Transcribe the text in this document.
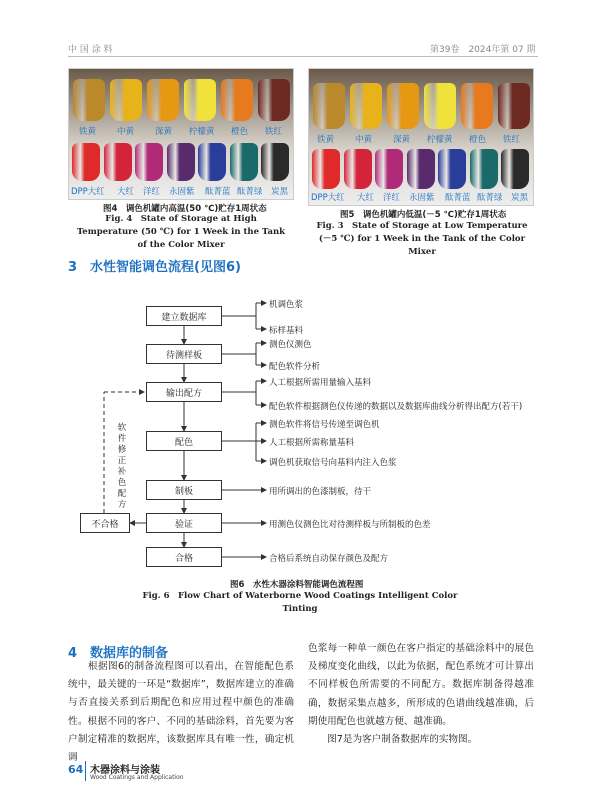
中 国 涂 料	第39卷　2024年第 07 期
铁黄 中黄 深黄 柠檬黄 橙色 铁红
DPP大红 大红 洋红 永固紫 酞菁蓝 酞菁绿 炭黑
图4　调色机罐内高温(50 ℃)贮存1周状态
Fig. 4　State of Storage at High Temperature (50 ℃) for 1 Week in the Tank of the Color Mixer
铁黄 中黄 深黄 柠檬黄 橙色 铁红
DPP大红 大红 洋红 永固紫 酞菁蓝 酞菁绿 炭黑
图5　调色机罐内低温(－5 ℃)贮存1周状态
Fig. 3　State of Storage at Low Temperature (－5 ℃) for 1 Week in the Tank of the Color Mixer
3　水性智能调色流程(见图6)
建立数据库
待测样板
输出配方
配色
制板
验证
合格
不合格
软件修正补色配方
机调色浆
标样基料
测色仪测色
配色软件分析
人工根据所需用量输入基料
配色软件根据测色仪传递的数据以及数据库曲线分析得出配方(若干)
测色软件将信号传递至调色机
人工根据所需称量基料
调色机获取信号向基料内注入色浆
用所调出的色漆制板，待干
用测色仪测色比对待测样板与所制板的色差
合格后系统自动保存颜色及配方
图6　水性木器涂料智能调色流程图
Fig. 6　Flow Chart of Waterborne Wood Coatings Intelligent Color Tinting
4　数据库的制备
　　根据图6的制备流程图可以看出，在智能配色系统中，最关键的一环是“数据库”，数据库建立的准确与否直接关系到后期配色和应用过程中颜色的准确性。根据不同的客户、不同的基础涂料，首先要为客户制定精准的数据库，该数据库具有唯一性，确定机调
色浆每一种单一颜色在客户指定的基础涂料中的展色及梯度变化曲线，以此为依据，配色系统才可计算出不同样板色所需要的不同配方。数据库制备得越准确，数据采集点越多，所形成的色谱曲线越准确，后期使用配色也就越方便、越准确。
　　图7是为客户制备数据库的实物图。
64 木器涂料与涂装
Wood Coatings and Application
